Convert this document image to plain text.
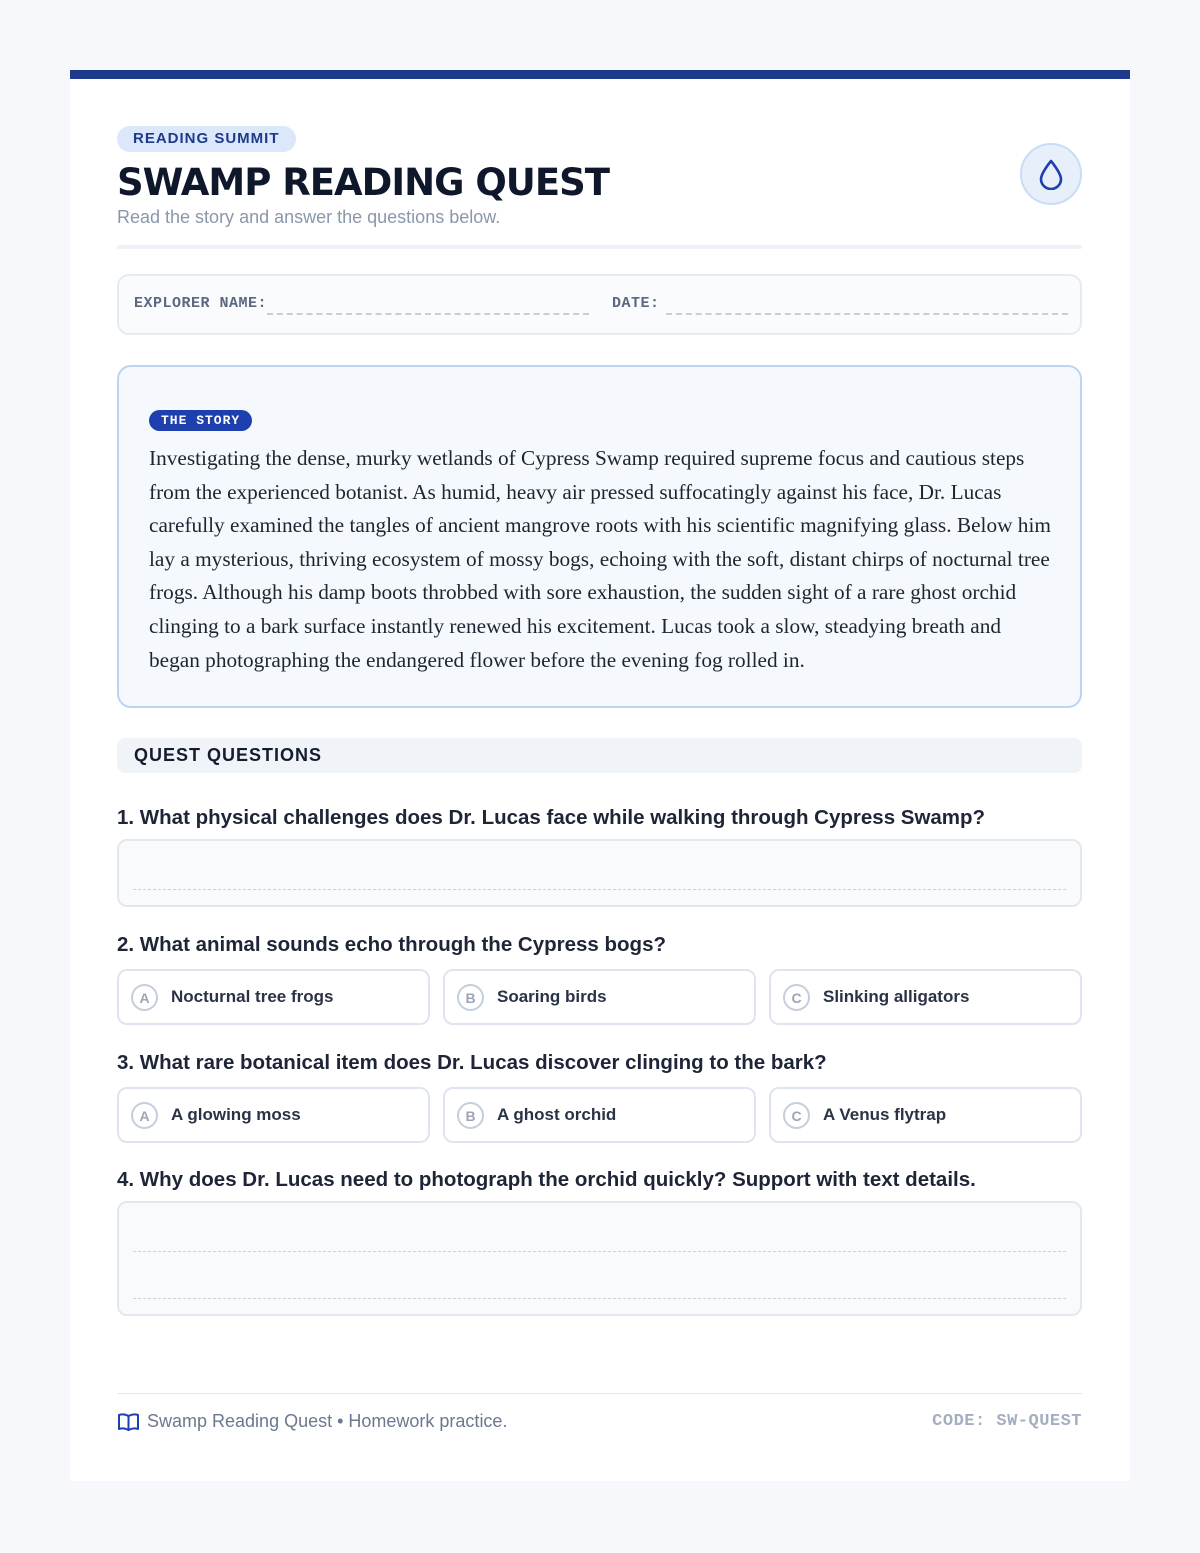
READING SUMMIT
SWAMP READING QUEST
Read the story and answer the questions below.
EXPLORER NAME:	DATE:
THE STORY

Investigating the dense, murky wetlands of Cypress Swamp required supreme focus and cautious steps from the experienced botanist. As humid, heavy air pressed suffocatingly against his face, Dr. Lucas carefully examined the tangles of ancient mangrove roots with his scientific magnifying glass. Below him lay a mysterious, thriving ecosystem of mossy bogs, echoing with the soft, distant chirps of nocturnal tree frogs. Although his damp boots throbbed with sore exhaustion, the sudden sight of a rare ghost orchid clinging to a bark surface instantly renewed his excitement. Lucas took a slow, steadying breath and began photographing the endangered flower before the evening fog rolled in.

QUEST QUESTIONS
1. What physical challenges does Dr. Lucas face while walking through Cypress Swamp?
2. What animal sounds echo through the Cypress bogs?
A	Nocturnal tree frogs	B	Soaring birds	C	Slinking alligators
3. What rare botanical item does Dr. Lucas discover clinging to the bark?
A	A glowing moss	B	A ghost orchid	C	A Venus flytrap
4. Why does Dr. Lucas need to photograph the orchid quickly? Support with text details.
Swamp Reading Quest • Homework practice.	CODE: SW-QUEST
